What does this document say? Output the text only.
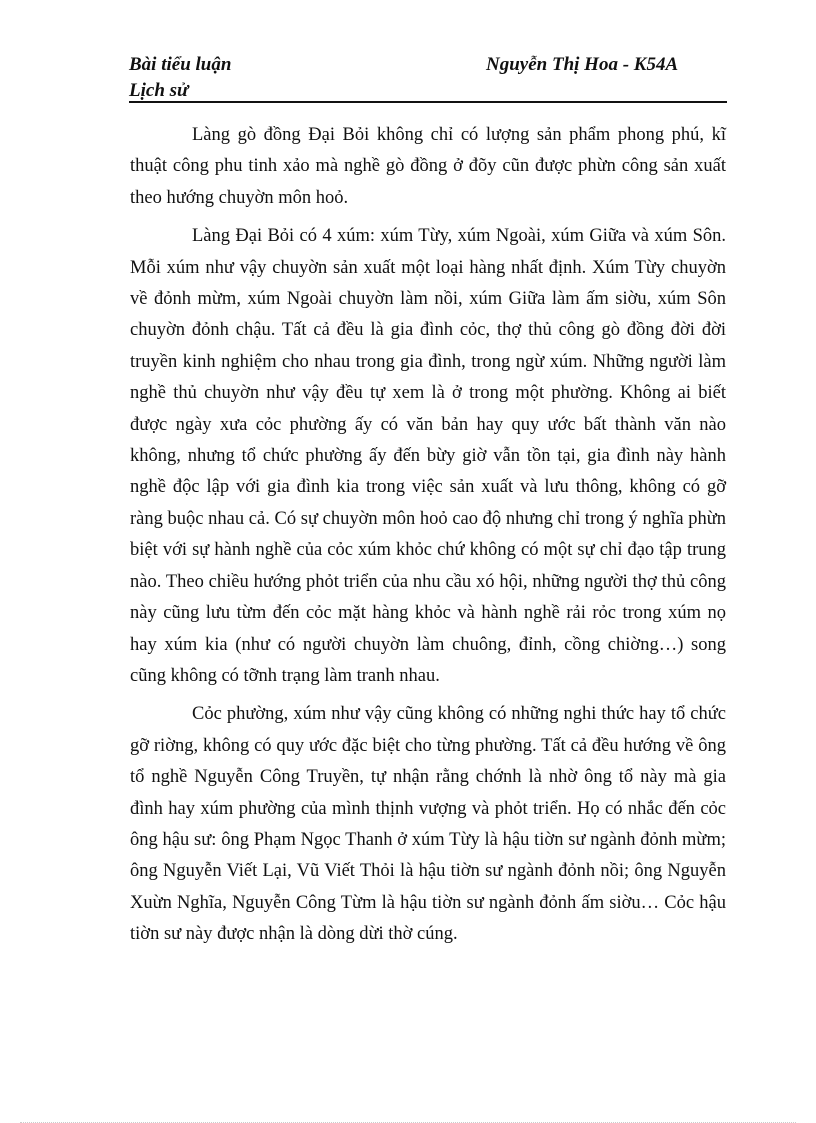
Bài tiểu luận	Nguyễn Thị Hoa - K54A
Lịch sử

Làng gò đồng Đại Bỏi không chỉ có lượng sản phẩm phong phú, kĩ thuật công phu tinh xảo mà nghề gò đồng ở đõy cũn được phừn công sản xuất theo hướng chuyờn môn hoỏ.

Làng Đại Bỏi có 4 xúm: xúm Từy, xúm Ngoài, xúm Giữa và xúm Sôn. Mỗi xúm như vậy chuyờn sản xuất một loại hàng nhất định. Xúm Từy chuyờn về đỏnh mừm, xúm Ngoài chuyờn làm nồi, xúm Giữa làm ấm siờu, xúm Sôn chuyờn đỏnh chậu. Tất cả đều là gia đình cỏc, thợ thủ công gò đồng đời đời truyền kinh nghiệm cho nhau trong gia đình, trong ngừ xúm. Những người làm nghề thủ chuyờn như vậy đều tự xem là ở trong một phường. Không ai biết được ngày xưa cỏc phường ấy có văn bản hay quy ước bất thành văn nào không, nhưng tổ chức phường ấy đến bừy giờ vẫn tồn tại, gia đình này hành nghề độc lập với gia đình kia trong việc sản xuất và lưu thông, không có gỡ ràng buộc nhau cả. Có sự chuyờn môn hoỏ cao độ nhưng chỉ trong ý nghĩa phừn biệt với sự hành nghề của cỏc xúm khỏc chứ không có một sự chỉ đạo tập trung nào. Theo chiều hướng phỏt triển của nhu cầu xó hội, những người thợ thủ công này cũng lưu từm đến cỏc mặt hàng khỏc và hành nghề rải rỏc trong xúm nọ hay xúm kia (như có người chuyờn làm chuông, đỉnh, cồng chiờng…) song cũng không có tỡnh trạng làm tranh nhau.

Cỏc phường, xúm như vậy cũng không có những nghi thức hay tổ chức gỡ riờng, không có quy ước đặc biệt cho từng phường. Tất cả đều hướng về ông tổ nghề Nguyễn Công Truyền, tự nhận rằng chớnh là nhờ ông tổ này mà gia đình hay xúm phường của mình thịnh vượng và phỏt triển. Họ có nhắc đến cỏc ông hậu sư: ông Phạm Ngọc Thanh ở xúm Từy là hậu tiờn sư ngành đỏnh mừm; ông Nguyễn Viết Lại, Vũ Viết Thỏi là hậu tiờn sư ngành đỏnh nồi; ông Nguyễn Xuừn Nghĩa, Nguyễn Công Từm là hậu tiờn sư ngành đỏnh ấm siờu… Cỏc hậu tiờn sư này được nhận là dòng dừi thờ cúng.
